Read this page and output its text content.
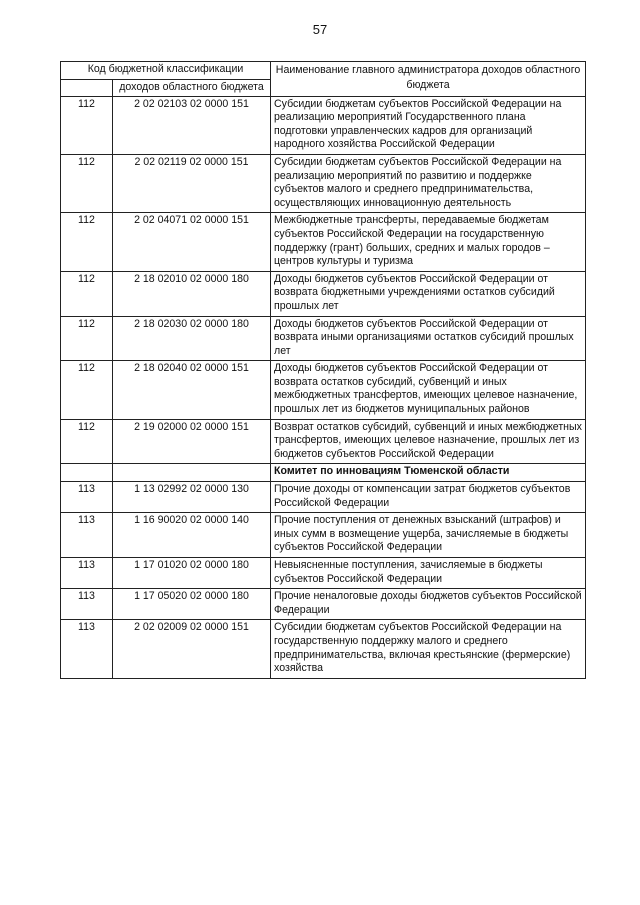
57
Код бюджетной классификации		Наименование главного администратора доходов областного бюджета
	доходов областного бюджета	
112	2 02 02103 02 0000 151	Субсидии бюджетам субъектов Российской Федерации на реализацию мероприятий Государственного плана подготовки управленческих кадров для организаций народного хозяйства Российской Федерации
112	2 02 02119 02 0000 151	Субсидии бюджетам субъектов Российской Федерации на реализацию мероприятий по развитию и поддержке субъектов малого и среднего предпринимательства, осуществляющих инновационную деятельность
112	2 02 04071 02 0000 151	Межбюджетные трансферты, передаваемые бюджетам субъектов Российской Федерации на государственную поддержку (грант) больших, средних и малых городов – центров культуры и туризма
112	2 18 02010 02 0000 180	Доходы бюджетов субъектов Российской Федерации от возврата бюджетными учреждениями остатков субсидий прошлых лет
112	2 18 02030 02 0000 180	Доходы бюджетов субъектов Российской Федерации от возврата иными организациями остатков субсидий прошлых лет
112	2 18 02040 02 0000 151	Доходы бюджетов субъектов Российской Федерации от возврата остатков субсидий, субвенций и иных межбюджетных трансфертов, имеющих целевое назначение, прошлых лет из бюджетов муниципальных районов
112	2 19 02000 02 0000 151	Возврат остатков субсидий, субвенций и иных межбюджетных трансфертов, имеющих целевое назначение, прошлых лет из бюджетов субъектов Российской Федерации
		Комитет по инновациям Тюменской области
113	1 13 02992 02 0000 130	Прочие доходы от компенсации затрат бюджетов субъектов Российской Федерации
113	1 16 90020 02 0000 140	Прочие поступления от денежных взысканий (штрафов) и иных сумм в возмещение ущерба, зачисляемые в бюджеты субъектов Российской Федерации
113	1 17 01020 02 0000 180	Невыясненные поступления, зачисляемые в бюджеты субъектов Российской Федерации
113	1 17 05020 02 0000 180	Прочие неналоговые доходы бюджетов субъектов Российской Федерации
113	2 02 02009 02 0000 151	Субсидии бюджетам субъектов Российской Федерации на государственную поддержку малого и среднего предпринимательства, включая крестьянские (фермерские) хозяйства
